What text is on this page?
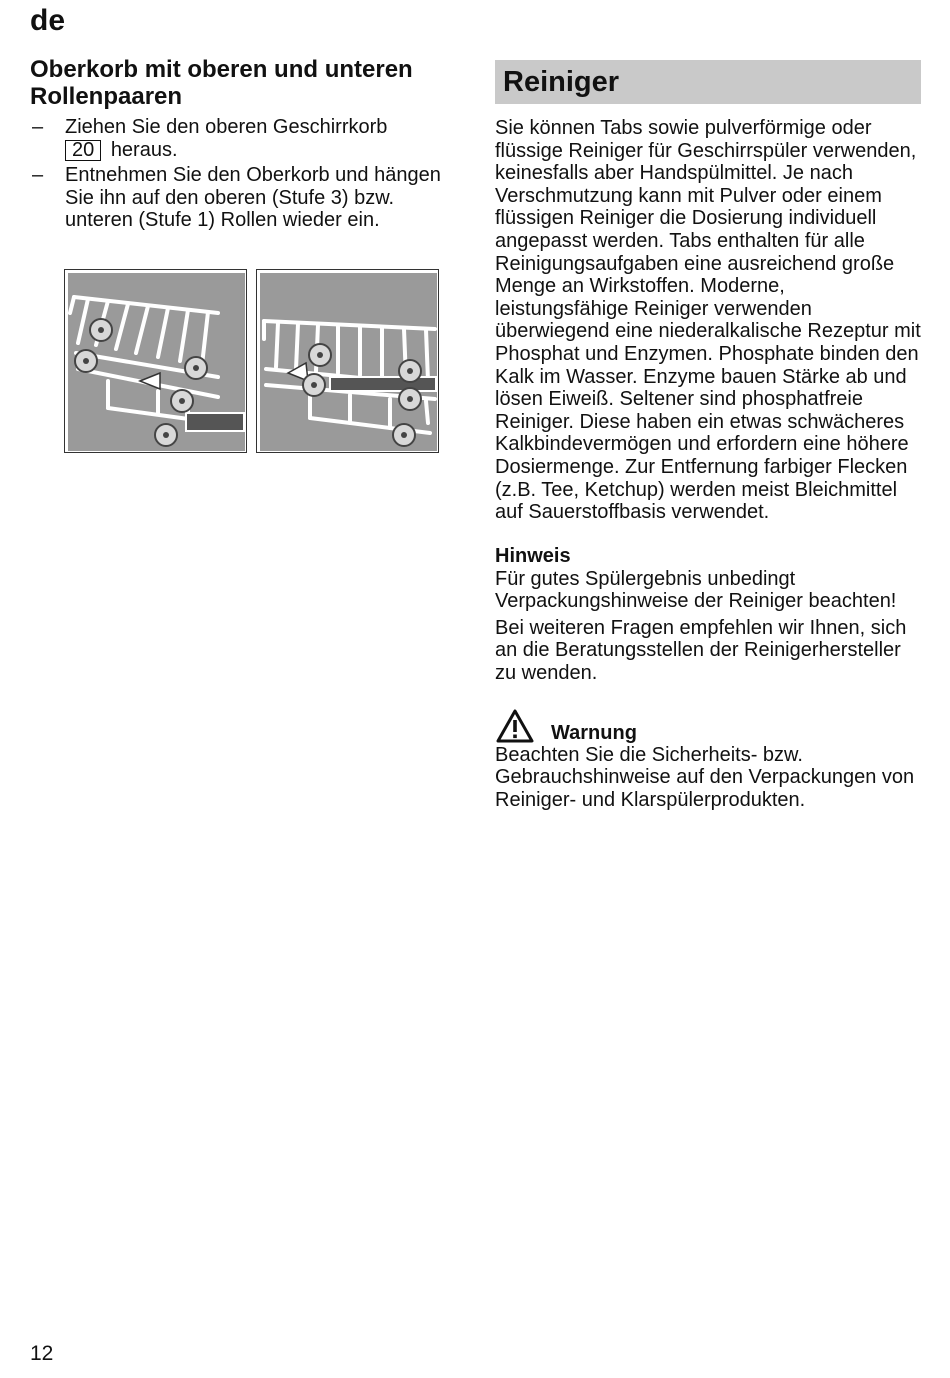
de
Oberkorb mit oberen und unteren Rollenpaaren
– Ziehen Sie den oberen Geschirrkorb
20 heraus.
– Entnehmen Sie den Oberkorb und hängen Sie ihn auf den oberen (Stufe 3) bzw. unteren (Stufe 1) Rollen wieder ein.
Reiniger

Sie können Tabs sowie pulverförmige oder flüssige Reiniger für Geschirrspüler verwenden, keinesfalls aber Handspülmittel. Je nach Verschmutzung kann mit Pulver oder einem flüssigen Reiniger die Dosierung individuell angepasst werden. Tabs enthalten für alle Reinigungsaufgaben eine ausreichend große Menge an Wirkstoffen. Moderne, leistungsfähige Reiniger verwenden überwiegend eine niederalkalische Rezeptur mit Phosphat und Enzymen. Phosphate binden den Kalk im Wasser. Enzyme bauen Stärke ab und lösen Eiweiß. Seltener sind phosphatfreie Reiniger. Diese haben ein etwas schwächeres Kalkbindevermögen und erfordern eine höhere Dosiermenge. Zur Entfernung farbiger Flecken (z.B. Tee, Ketchup) werden meist Bleichmittel auf Sauerstoffbasis verwendet.

Hinweis

Für gutes Spülergebnis unbedingt Verpackungshinweise der Reiniger beachten!

Bei weiteren Fragen empfehlen wir Ihnen, sich an die Beratungsstellen der Reinigerhersteller zu wenden.

Warnung

Beachten Sie die Sicherheits- bzw. Gebrauchshinweise auf den Verpackungen von Reiniger- und Klarspülerprodukten.

12
